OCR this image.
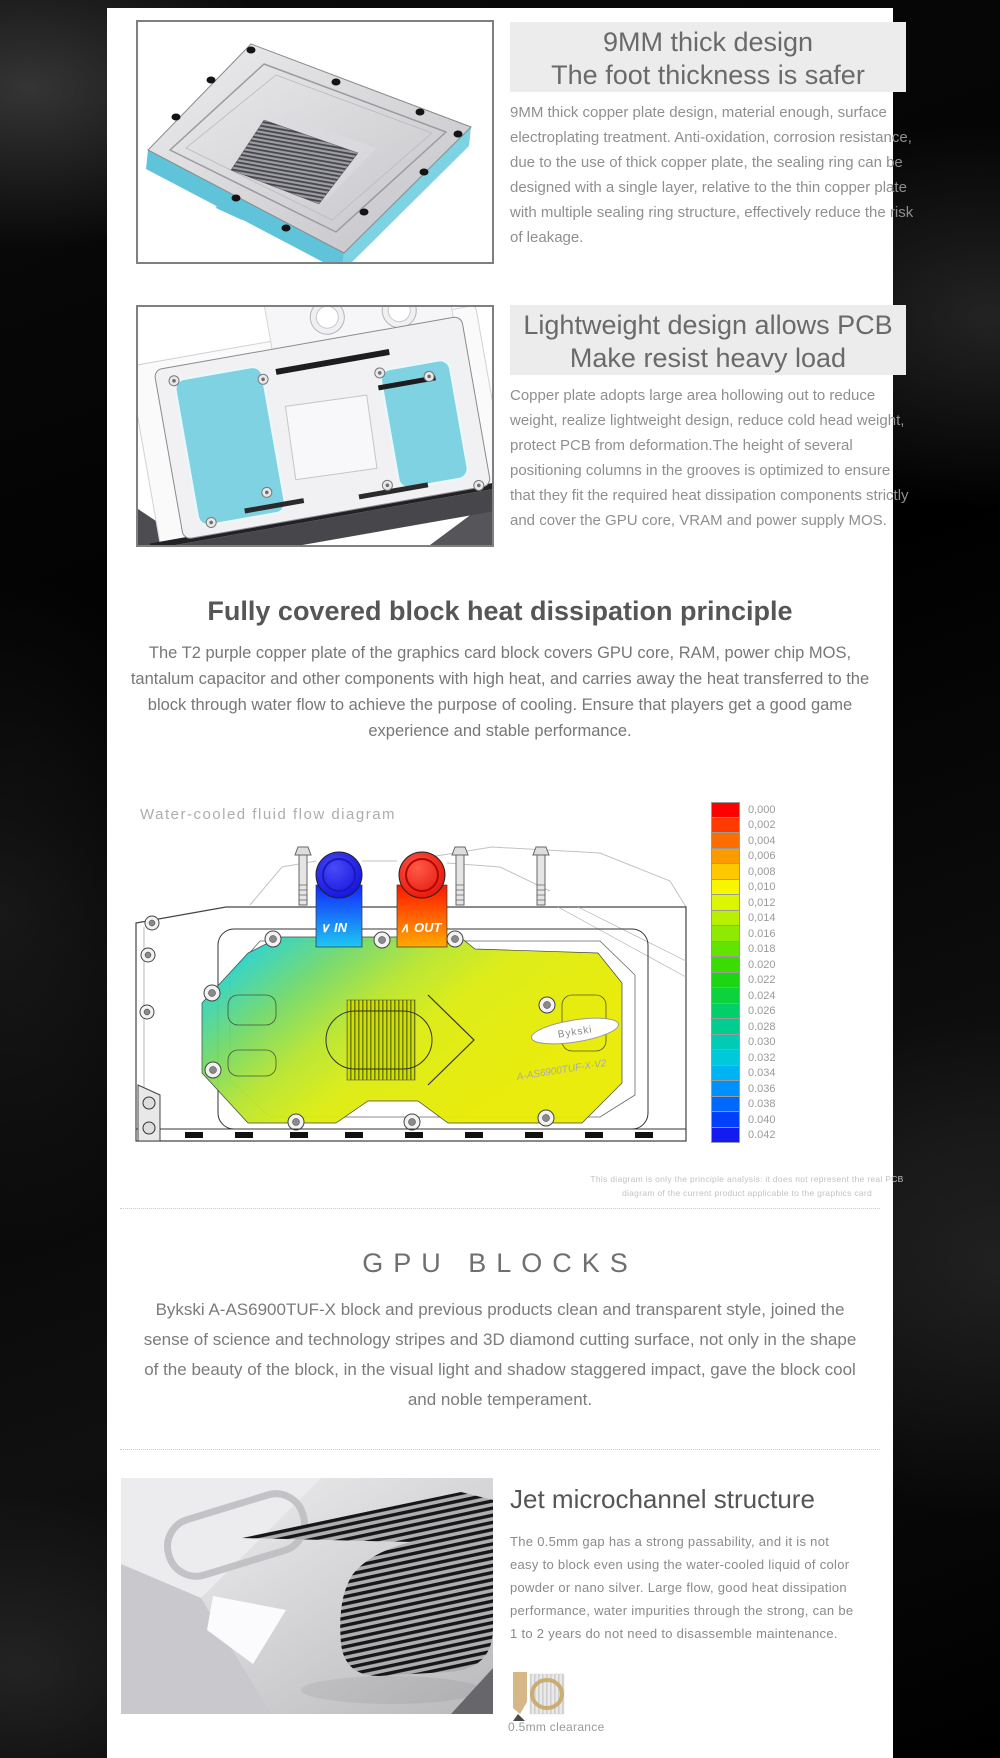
9MM thick design
The foot thickness is safer
9MM thick copper plate design, material enough, surface electroplating treatment. Anti-oxidation, corrosion resistance, due to the use of thick copper plate, the sealing ring can be designed with a single layer, relative to the thin copper plate with multiple sealing ring structure, effectively reduce the risk of leakage.
Lightweight design allows PCB
Make resist heavy load
Copper plate adopts large area hollowing out to reduce weight, realize lightweight design, reduce cold head weight, protect PCB from deformation.The height of several positioning columns in the grooves is optimized to ensure that they fit the required heat dissipation components strictly and cover the GPU core, VRAM and power supply MOS.
Fully covered block heat dissipation principle
The T2 purple copper plate of the graphics card block covers GPU core, RAM, power chip MOS, tantalum capacitor and other components with high heat, and carries away the heat transferred to the block through water flow to achieve the purpose of cooling. Ensure that players get a good game experience and stable performance.
Water-cooled fluid flow diagram
∨ IN	∧ OUT
Bykski
A-AS6900TUF-X-V2
0,000
0,002
0,004
0,006
0,008
0,010
0,012
0,014
0.016
0.018
0.020
0.022
0.024
0.026
0.028
0.030
0.032
0.034
0.036
0.038
0.040
0.042
This diagram is only the principle analysis: it does not represent the real PCB
diagram of the current product applicable to the graphics card
GPU BLOCKS
Bykski A-AS6900TUF-X block and previous products clean and transparent style, joined the sense of science and technology stripes and 3D diamond cutting surface, not only in the shape of the beauty of the block, in the visual light and shadow staggered impact, gave the block cool and noble temperament.
Jet microchannel structure
The 0.5mm gap has a strong passability, and it is not easy to block even using the water-cooled liquid of color powder or nano silver. Large flow, good heat dissipation performance, water impurities through the strong, can be 1 to 2 years do not need to disassemble maintenance.
0.5mm clearance
